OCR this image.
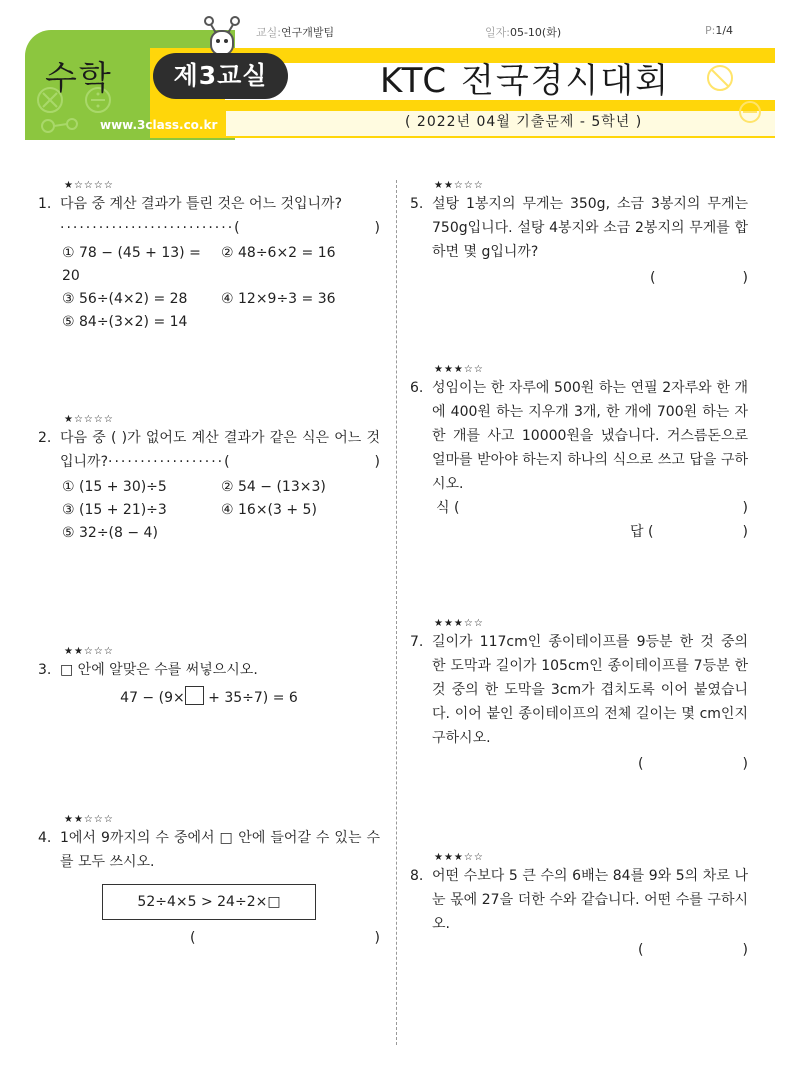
교실:연구개발팀	일자:05-10(화)	P:1/4
수학	제3교실
www.3class.co.kr
KTC 전국경시대회
( 2022년 04월 기출문제 - 5학년 )
★☆☆☆☆
1. 다음 중 계산 결과가 틀린 것은 어느 것입니까?
···························(	)
① 78 − (45 + 13) = 20
② 48÷6×2 = 16
③ 56÷(4×2) = 28	④ 12×9÷3 = 36
⑤ 84÷(3×2) = 14
★☆☆☆☆
2. 다음 중 ( )가 없어도 계산 결과가 같은 식은 어느 것입니까?··················(	)
① (15 + 30)÷5	② 54 − (13×3)
③ (15 + 21)÷3	④ 16×(3 + 5)
⑤ 32÷(8 − 4)
★★☆☆☆
3. □ 안에 알맞은 수를 써넣으시오.
47 − (9× + 35÷7) = 6
★★☆☆☆
4. 1에서 9까지의 수 중에서 □ 안에 들어갈 수 있는 수를 모두 쓰시오.
52÷4×5 > 24÷2×□
(	)
★★☆☆☆
5. 설탕 1봉지의 무게는 350g, 소금 3봉지의 무게는 750g입니다. 설탕 4봉지와 소금 2봉지의 무게를 합하면 몇 g입니까?
(	)
★★★☆☆
6. 성임이는 한 자루에 500원 하는 연필 2자루와 한 개에 400원 하는 지우개 3개, 한 개에 700원 하는 자 한 개를 사고 10000원을 냈습니다. 거스름돈으로 얼마를 받아야 하는지 하나의 식으로 쓰고 답을 구하시오.
식 (	)
답 (	)
★★★☆☆
7. 길이가 117cm인 종이테이프를 9등분 한 것 중의 한 도막과 길이가 105cm인 종이테이프를 7등분 한 것 중의 한 도막을 3cm가 겹치도록 이어 붙였습니다. 이어 붙인 종이테이프의 전체 길이는 몇 cm인지 구하시오.
(	)
★★★☆☆
8. 어떤 수보다 5 큰 수의 6배는 84를 9와 5의 차로 나눈 몫에 27을 더한 수와 같습니다. 어떤 수를 구하시오.
(	)
